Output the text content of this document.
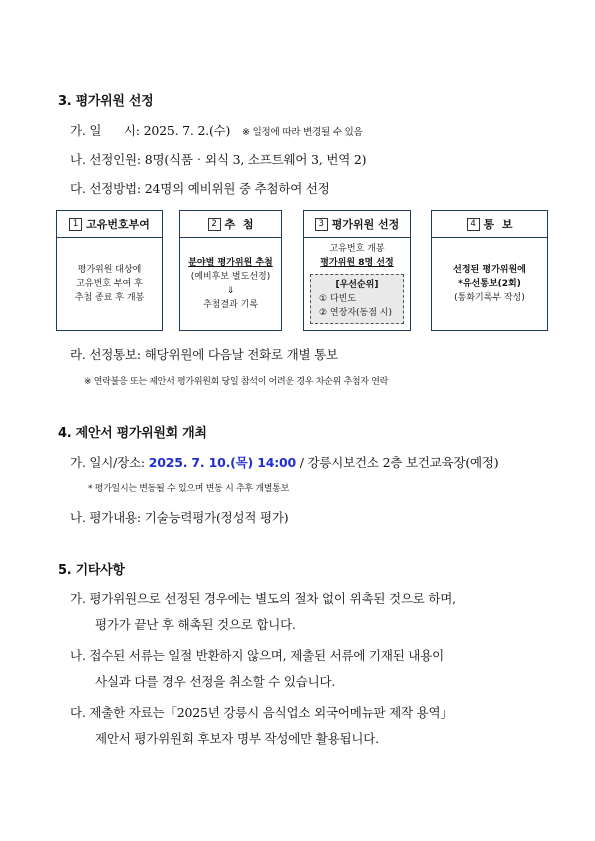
3. 평가위원 선정
가. 일      시: 2025. 7. 2.(수) ※ 일정에 따라 변경될 수 있음
나. 선정인원: 8명(식품‧외식 3, 소프트웨어 3, 번역 2)
다. 선정방법: 24명의 예비위원 중 추첨하여 선정
1 고유번호부여
평가위원 대상에
고유번호 부여 후
추첨 종료 후 개봉
2 추  첨
분야별 평가위원 추첨
(예비후보 별도선정)
⇓
추첨결과 기록
3 평가위원 선정
고유번호 개봉
평가위원 8명 선정
[우선순위]
① 다빈도
② 연장자(동점 시)
4 통  보
선정된 평가위원에
*유선통보(2회)
(통화기록부 작성)
라. 선정통보: 해당위원에 다음날 전화로 개별 통보
※ 연락불응 또는 제안서 평가위원회 당일 참석이 어려운 경우 차순위 추첨자 연락
4. 제안서 평가위원회 개최
가. 일시/장소: 2025. 7. 10.(목) 14:00 / 강릉시보건소 2층 보건교육장(예정)
* 평가일시는 변동될 수 있으며 변동 시 추후 개별통보
나. 평가내용: 기술능력평가(정성적 평가)
5. 기타사항
가. 평가위원으로 선정된 경우에는 별도의 절차 없이 위촉된 것으로 하며,
평가가 끝난 후 해촉된 것으로 합니다.
나. 접수된 서류는 일절 반환하지 않으며, 제출된 서류에 기재된 내용이
사실과 다를 경우 선정을 취소할 수 있습니다.
다. 제출한 자료는「2025년 강릉시 음식업소 외국어메뉴판 제작 용역」
제안서 평가위원회 후보자 명부 작성에만 활용됩니다.
